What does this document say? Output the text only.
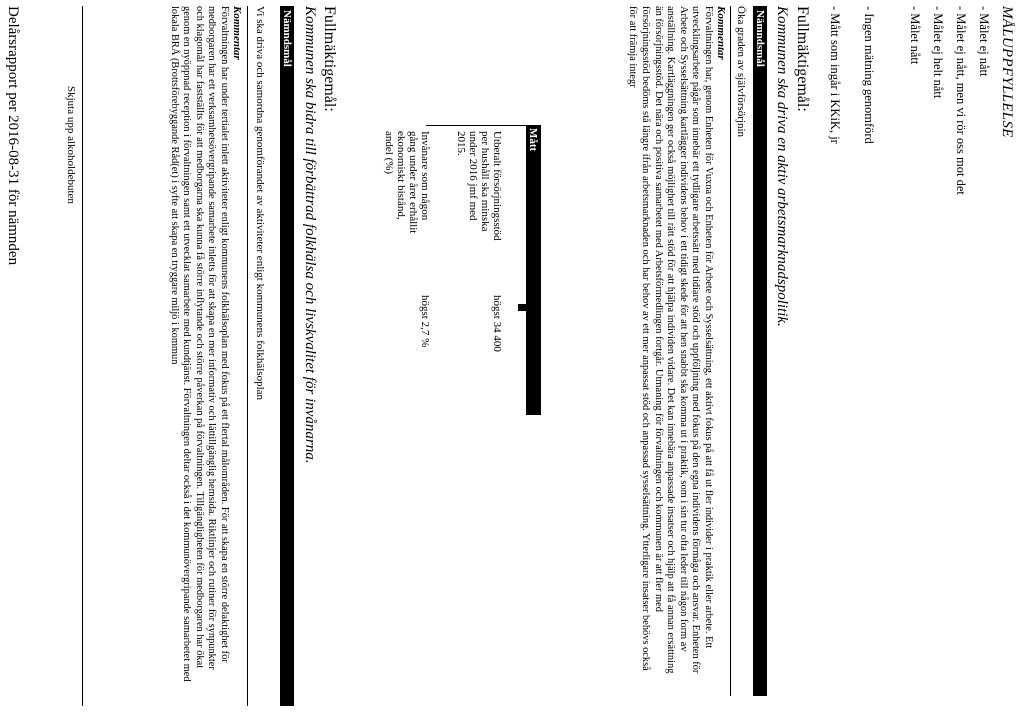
MÅLUPPFYLLELSE
- Målet ej nått
- Målet ej nått, men vi rör oss mot det
- Målet ej helt nått
- Målet nått
- Ingen mätning genomförd
- Mått som ingår i KKiK, jr
Fullmäktigemål:
Kommunen ska driva en aktiv arbetsmarknadspolitik.
Nämndsmål
Öka graden av självförsörjnin
Kommentar
Förvaltningen har, genom Enheten för Vuxna och Enheten för Arbete och Sysselsättning, ett aktivt fokus på att få ut fler individer i praktik eller arbete. Ett utvecklingsarbete pågår som innebär ett tydligare arbetssätt med tidiare stöd och uppföljning med fokus på den egna individens förmåga och ansvar. Enheten för Arbete och Sysselsättning kartlägger individens behov i ett tidigt skede för att hen snabbt ska komma ut i praktik, som i sin tur ofta leder till någon form av anställning. Kartläggningen ger också möjlighet till rätt stöd för att hjälpa individen vidare. Det kan innebära anpassade insatser och hjälp att få annan ersättning än försörjningsstöd. Det nära och positiva samarbetet med Arbetsförmedlingen fortgår. Utmaning för förvaltningen och kommunen är att fler med försörjningsstöd bedöms stå längre ifrån arbetsmarknaden och har behov av ett mer anpassat stöd och anpassad sysselsättning. Ytterligare insatser behövs också för att främja integr
Mått
Utbetalt försörjningsstöd per hushåll ska minska under 2016 jmf med 2015.
högst 34 400
Invånare som någon gång under året erhållit ekonomiskt bistånd, andel (%)
högst 2,7 %
Fullmäktigemål:
Kommunen ska bidra till förbättrad folkhälsa och livskvalitet för invånarna.
Nämndsmål
Vi ska driva och samordna genomförandet av aktiviteter enligt kommunens folkhälsoplan
Kommentar
Förvaltningen har under tertialet inlett aktiviteter enligt kommunens folkhälsoplan med fokus på ett flertal målområden. För att skapa en större delaktighet för medborgaren har ett verksamhetsövergripande samarbete inletts för att skapa en mer informativ och lättillgänglig hemsida. Riktlinjer och rutiner för synpunkter och klagomål har fastställts för att medborgarna ska kunna få större inflytande och större påverkan på förvaltningen. Tillgängligheten för medborgaren har ökat genom en nyöppnad reception i förvaltningen samt ett utvecklat samarbete med kundtjänst. Förvaltningen deltar också i det kommunövergripande samarbetet med lokala BRÅ (Brottsförebyggande Råd(et) i syfte att skapa en tryggare miljö i kommun
Skjuta upp alkoholdebuten
Delårsrapport per 2016-08-31 för nämnden
